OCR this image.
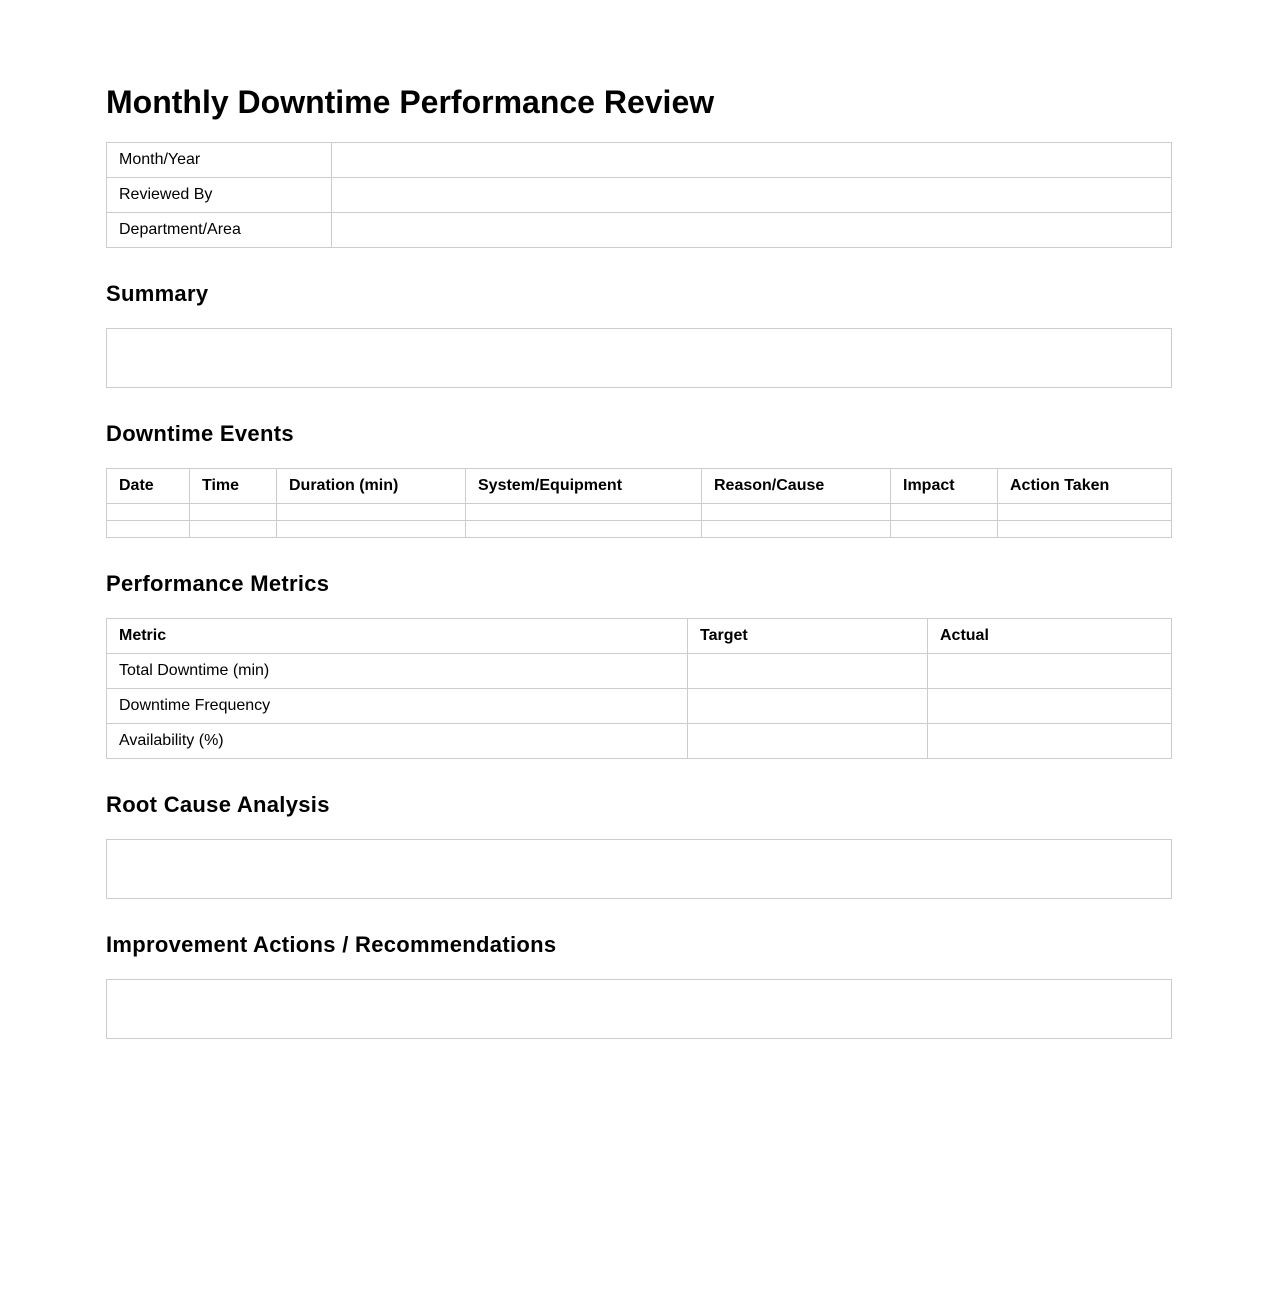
Monthly Downtime Performance Review
Month/Year	
Reviewed By	
Department/Area	
Summary
Downtime Events
Date	Time	Duration (min)	System/Equipment	Reason/Cause	Impact	Action Taken

Performance Metrics
Metric	Target	Actual
Total Downtime (min)		
Downtime Frequency		
Availability (%)		
Root Cause Analysis
Improvement Actions / Recommendations
